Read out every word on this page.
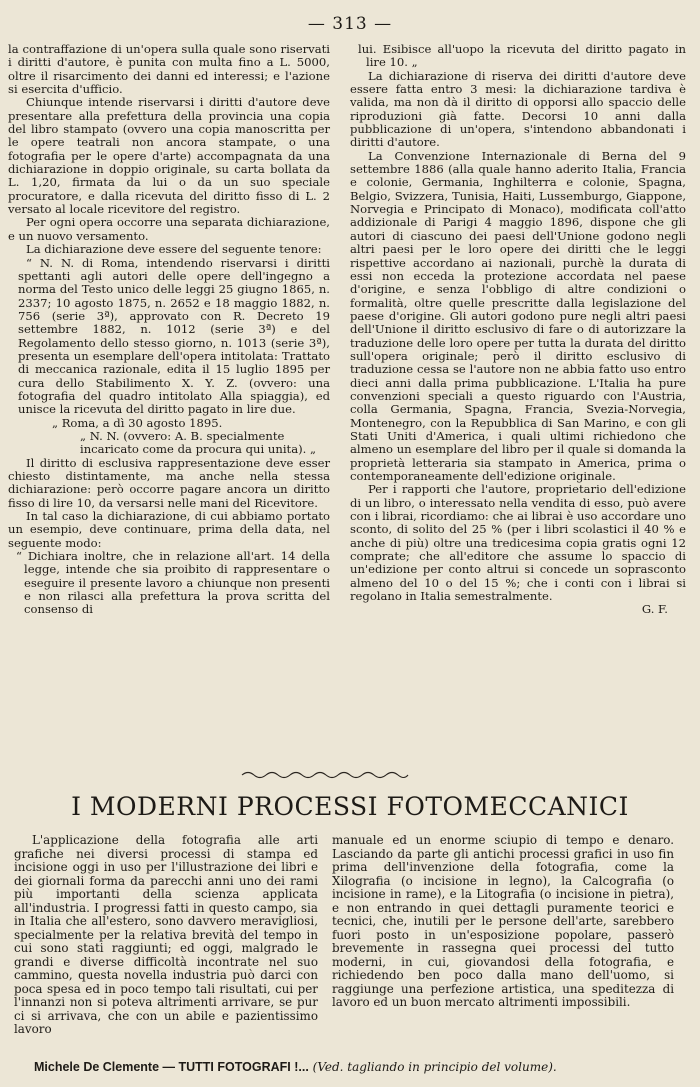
— 313 —

la contraffazione di un'opera sulla quale sono riservati i diritti d'autore, è punita con multa fino a L. 5000, oltre il risarcimento dei danni ed interessi; e l'azione si esercita d'ufficio.

Chiunque intende riservarsi i diritti d'autore deve presentare alla prefettura della provincia una copia del libro stampato (ovvero una copia manoscritta per le opere teatrali non ancora stampate, o una fotografia per le opere d'arte) accompagnata da una dichiarazione in doppio originale, su carta bollata da L. 1,20, firmata da lui o da un suo speciale procuratore, e dalla ricevuta del diritto fisso di L. 2 versato al locale ricevitore del registro.

Per ogni opera occorre una separata dichiarazione, e un nuovo versamento.

La dichiarazione deve essere del seguente tenore:

“ N. N. di Roma, intendendo riservarsi i diritti spettanti agli autori delle opere dell'ingegno a norma del Testo unico delle leggi 25 giugno 1865, n. 2337; 10 agosto 1875, n. 2652 e 18 maggio 1882, n. 756 (serie 3ª), approvato con R. Decreto 19 settembre 1882, n. 1012 (serie 3ª) e del Regolamento dello stesso giorno, n. 1013 (serie 3ª), presenta un esemplare dell'opera intitolata: Trattato di meccanica razionale, edita il 15 luglio 1895 per cura dello Stabilimento X. Y. Z. (ovvero: una fotografia del quadro intitolato Alla spiaggia), ed unisce la ricevuta del diritto pagato in lire due.

„ Roma, a dì 30 agosto 1895.

„ N. N. (ovvero: A. B. specialmente incaricato come da procura qui unita). „

Il diritto di esclusiva rappresentazione deve esser chiesto distintamente, ma anche nella stessa dichiarazione: però occorre pagare ancora un diritto fisso di lire 10, da versarsi nelle mani del Ricevitore.

In tal caso la dichiarazione, di cui abbiamo portato un esempio, deve continuare, prima della data, nel seguente modo:

“ Dichiara inoltre, che in relazione all'art. 14 della legge, intende che sia proibito di rappresentare o eseguire il presente lavoro a chiunque non presenti e non rilasci alla prefettura la prova scritta del consenso di

lui. Esibisce all'uopo la ricevuta del diritto pagato in lire 10. „

La dichiarazione di riserva dei diritti d'autore deve essere fatta entro 3 mesi: la dichiarazione tardiva è valida, ma non dà il diritto di opporsi allo spaccio delle riproduzioni già fatte. Decorsi 10 anni dalla pubblicazione di un'opera, s'intendono abbandonati i diritti d'autore.

La Convenzione Internazionale di Berna del 9 settembre 1886 (alla quale hanno aderito Italia, Francia e colonie, Germania, Inghilterra e colonie, Spagna, Belgio, Svizzera, Tunisia, Haiti, Lussemburgo, Giappone, Norvegia e Principato di Monaco), modificata coll'atto addizionale di Parigi 4 maggio 1896, dispone che gli autori di ciascuno dei paesi dell'Unione godono negli altri paesi per le loro opere dei diritti che le leggi rispettive accordano ai nazionali, purchè la durata di essi non ecceda la protezione accordata nel paese d'origine, e senza l'obbligo di altre condizioni o formalità, oltre quelle prescritte dalla legislazione del paese d'origine. Gli autori godono pure negli altri paesi dell'Unione il diritto esclusivo di fare o di autorizzare la traduzione delle loro opere per tutta la durata del diritto sull'opera originale; però il diritto esclusivo di traduzione cessa se l'autore non ne abbia fatto uso entro dieci anni dalla prima pubblicazione. L'Italia ha pure convenzioni speciali a questo riguardo con l'Austria, colla Germania, Spagna, Francia, Svezia-Norvegia, Montenegro, con la Repubblica di San Marino, e con gli Stati Uniti d'America, i quali ultimi richiedono che almeno un esemplare del libro per il quale si domanda la proprietà letteraria sia stampato in America, prima o contemporaneamente dell'edizione originale.

Per i rapporti che l'autore, proprietario dell'edizione di un libro, o interessato nella vendita di esso, può avere con i librai, ricordiamo: che ai librai è uso accordare uno sconto, di solito del 25 % (per i libri scolastici il 40 % e anche di più) oltre una tredicesima copia gratis ogni 12 comprate; che all'editore che assume lo spaccio di un'edizione per conto altrui si concede un soprasconto almeno del 10 o del 15 %; che i conti con i librai si regolano in Italia semestralmente.

G. F.

I MODERNI PROCESSI FOTOMECCANICI

L'applicazione della fotografia alle arti grafiche nei diversi processi di stampa ed incisione oggi in uso per l'illustrazione dei libri e dei giornali forma da parecchi anni uno dei rami più importanti della scienza applicata all'industria. I progressi fatti in questo campo, sia in Italia che all'estero, sono davvero meravigliosi, specialmente per la relativa brevità del tempo in cui sono stati raggiunti; ed oggi, malgrado le grandi e diverse difficoltà incontrate nel suo cammino, questa novella industria può darci con poca spesa ed in poco tempo tali risultati, cui per l'innanzi non si poteva altrimenti arrivare, se pur ci si arrivava, che con un abile e pazientissimo lavoro

manuale ed un enorme sciupio di tempo e denaro. Lasciando da parte gli antichi processi grafici in uso fin prima dell'invenzione della fotografia, come la Xilografia (o incisione in legno), la Calcografia (o incisione in rame), e la Litografia (o incisione in pietra), e non entrando in quei dettagli puramente teorici e tecnici, che, inutili per le persone dell'arte, sarebbero fuori posto in un'esposizione popolare, passerò brevemente in rassegna quei processi del tutto moderni, in cui, giovandosi della fotografia, e richiedendo ben poco dalla mano dell'uomo, si raggiunge una perfezione artistica, una speditezza di lavoro ed un buon mercato altrimenti impossibili.

Michele De Clemente — TUTTI FOTOGRAFI !... (Ved. tagliando in principio del volume).
